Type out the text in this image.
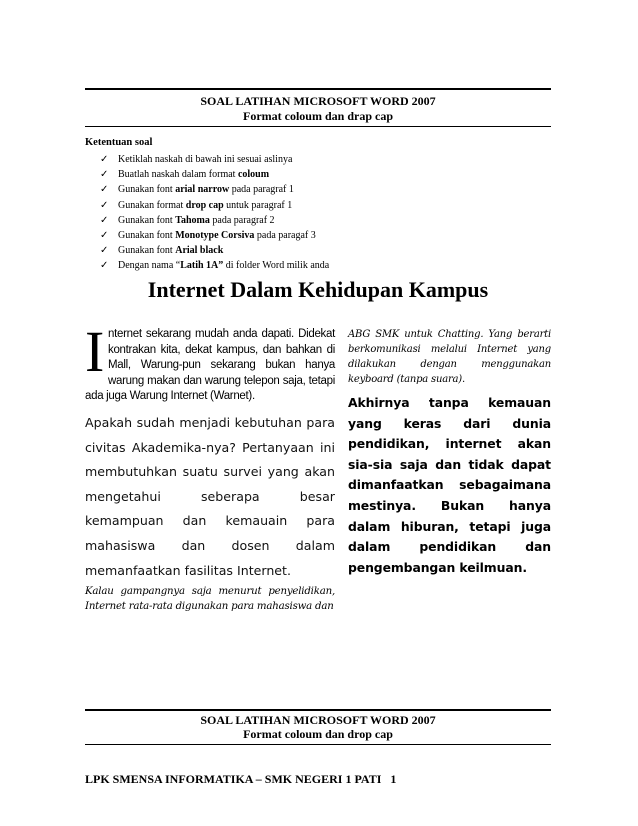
SOAL LATIHAN MICROSOFT WORD 2007
Format coloum dan drap cap
Ketentuan soal
✓ Ketiklah naskah di bawah ini sesuai aslinya
✓ Buatlah naskah dalam format coloum
✓ Gunakan font arial narrow pada paragraf 1
✓ Gunakan format drop cap untuk paragraf 1
✓ Gunakan font Tahoma pada paragraf 2
✓ Gunakan font Monotype Corsiva pada paragaf 3
✓ Gunakan font Arial black
✓ Dengan nama “Latih 1A” di folder Word milik anda
Internet Dalam Kehidupan Kampus
I nternet sekarang mudah anda dapati. Didekat kontrakan kita, dekat kampus, dan bahkan di Mall, Warung-pun sekarang bukan hanya warung makan dan warung telepon saja, tetapi ada juga Warung Internet (Warnet).
Apakah sudah menjadi kebutuhan para civitas Akademika-nya? Pertanyaan ini membutuhkan suatu survei yang akan mengetahui seberapa besar kemampuan dan kemauain para mahasiswa dan dosen dalam memanfaatkan fasilitas Internet.
Kalau gampangnya saja menurut penyelidikan, Internet rata-rata digunakan para mahasiswa dan
ABG SMK untuk Chatting. Yang berarti berkomunikasi melalui Internet yang dilakukan dengan menggunakan keyboard (tanpa suara).
Akhirnya tanpa kemauan yang keras dari dunia pendidikan, internet akan sia-sia saja dan tidak dapat dimanfaatkan sebagaimana mestinya. Bukan hanya dalam hiburan, tetapi juga dalam pendidikan dan pengembangan keilmuan.
SOAL LATIHAN MICROSOFT WORD 2007
Format coloum dan drop cap
LPK SMENSA INFORMATIKA – SMK NEGERI 1 PATI 1
